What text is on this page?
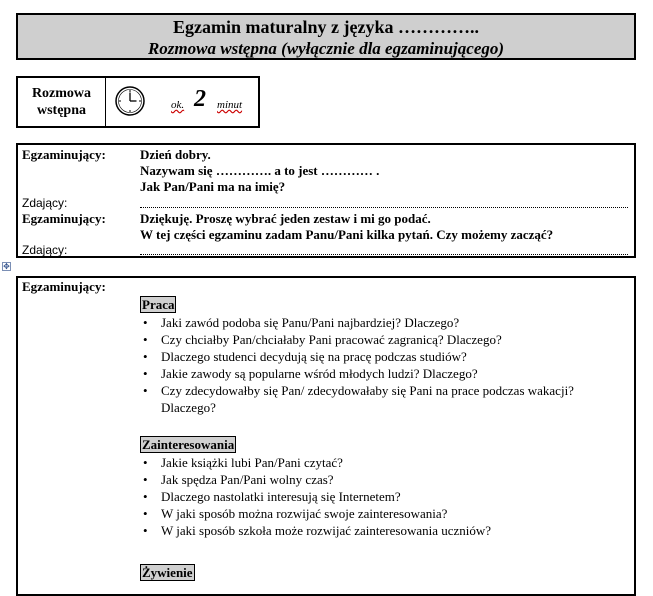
Egzamin maturalny z języka …………..
Rozmowa wstępna (wyłącznie dla egzaminującego)
Rozmowa
wstępna	ok. 2 minut
Egzaminujący:	Dzień dobry.
Nazywam się …………. a to jest ………… .
Jak Pan/Pani ma na imię?
Zdający:
Egzaminujący:	Dziękuję. Proszę wybrać jeden zestaw i mi go podać.
W tej części egzaminu zadam Panu/Pani kilka pytań. Czy możemy zacząć?
Zdający:
✥
Egzaminujący:
Praca
• Jaki zawód podoba się Panu/Pani najbardziej? Dlaczego?
• Czy chciałby Pan/chciałaby Pani pracować zagranicą? Dlaczego?
• Dlaczego studenci decydują się na pracę podczas studiów?
• Jakie zawody są popularne wśród młodych ludzi? Dlaczego?
• Czy zdecydowałby się Pan/ zdecydowałaby się Pani na prace podczas wakacji? Dlaczego?
Zainteresowania
• Jakie książki lubi Pan/Pani czytać?
• Jak spędza Pan/Pani wolny czas?
• Dlaczego nastolatki interesują się Internetem?
• W jaki sposób można rozwijać swoje zainteresowania?
• W jaki sposób szkoła może rozwijać zainteresowania uczniów?
Żywienie
